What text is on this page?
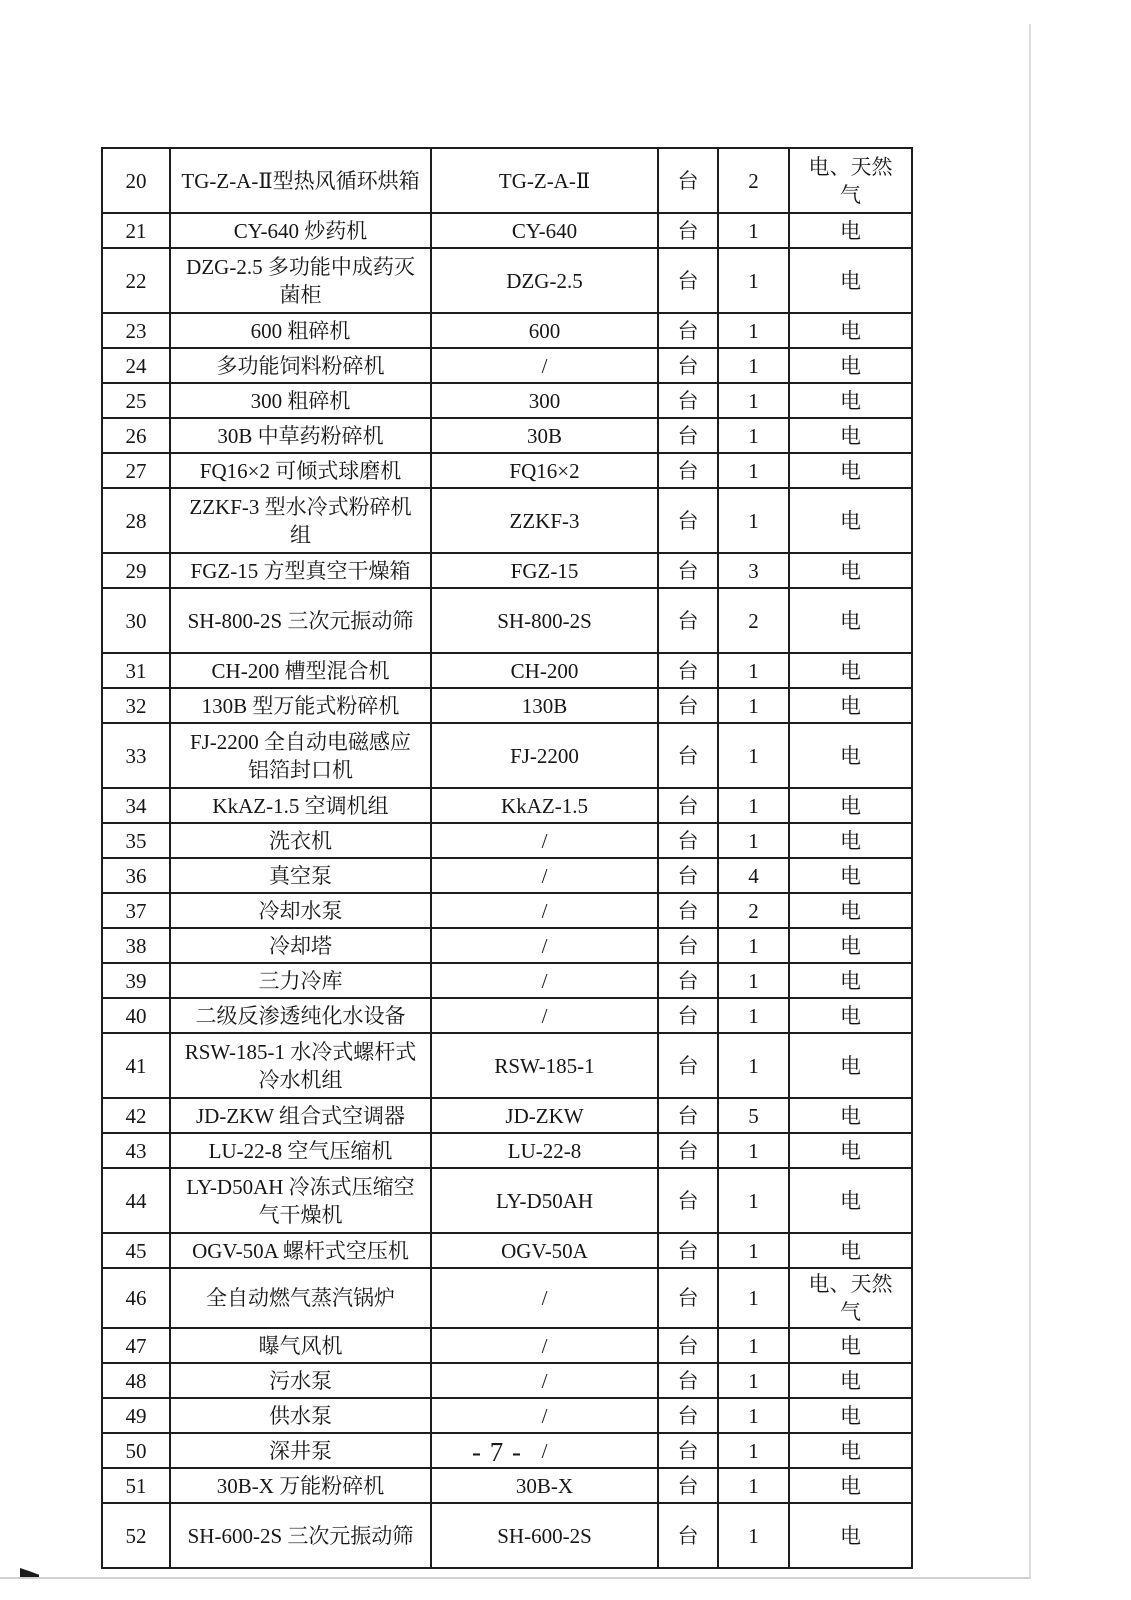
20	TG-Z-A-Ⅱ型热风循环烘箱	TG-Z-A-Ⅱ	台	2	电、天然气
21	CY-640 炒药机	CY-640	台	1	电
22	DZG-2.5 多功能中成药灭菌柜	DZG-2.5	台	1	电
23	600 粗碎机	600	台	1	电
24	多功能饲料粉碎机	/	台	1	电
25	300 粗碎机	300	台	1	电
26	30B 中草药粉碎机	30B	台	1	电
27	FQ16×2 可倾式球磨机	FQ16×2	台	1	电
28	ZZKF-3 型水冷式粉碎机组	ZZKF-3	台	1	电
29	FGZ-15 方型真空干燥箱	FGZ-15	台	3	电
30	SH-800-2S 三次元振动筛	SH-800-2S	台	2	电
31	CH-200 槽型混合机	CH-200	台	1	电
32	130B 型万能式粉碎机	130B	台	1	电
33	FJ-2200 全自动电磁感应铝箔封口机	FJ-2200	台	1	电
34	KkAZ-1.5 空调机组	KkAZ-1.5	台	1	电
35	洗衣机	/	台	1	电
36	真空泵	/	台	4	电
37	冷却水泵	/	台	2	电
38	冷却塔	/	台	1	电
39	三力冷库	/	台	1	电
40	二级反渗透纯化水设备	/	台	1	电
41	RSW-185-1 水冷式螺杆式冷水机组	RSW-185-1	台	1	电
42	JD-ZKW 组合式空调器	JD-ZKW	台	5	电
43	LU-22-8 空气压缩机	LU-22-8	台	1	电
44	LY-D50AH 冷冻式压缩空气干燥机	LY-D50AH	台	1	电
45	OGV-50A 螺杆式空压机	OGV-50A	台	1	电
46	全自动燃气蒸汽锅炉	/	台	1	电、天然气
47	曝气风机	/	台	1	电
48	污水泵	/	台	1	电
49	供水泵	/	台	1	电
50	深井泵	/	台	1	电
51	30B-X 万能粉碎机	30B-X	台	1	电
52	SH-600-2S 三次元振动筛	SH-600-2S	台	1	电
- 7 -
